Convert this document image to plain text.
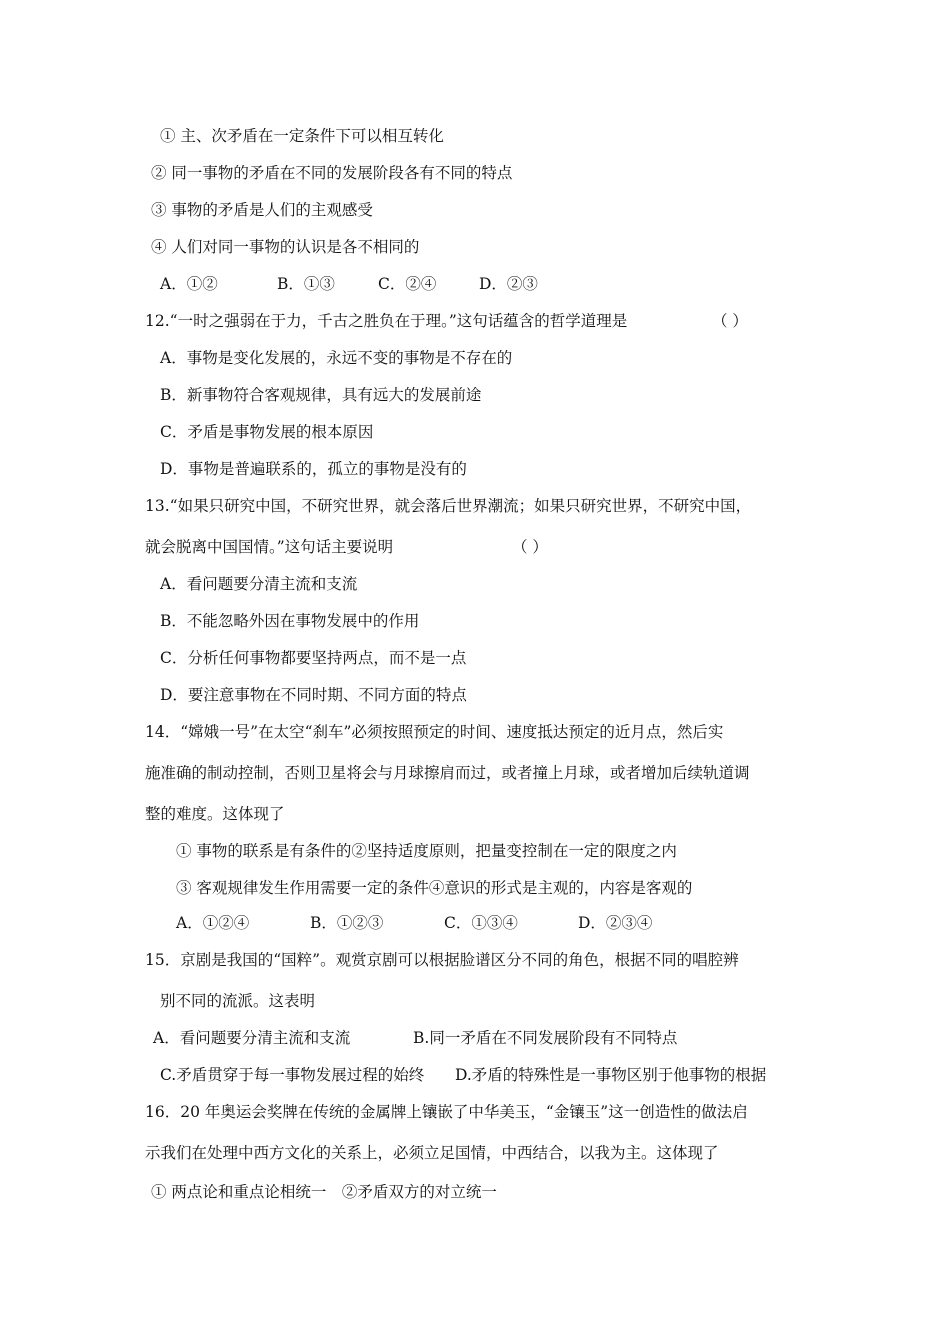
① 主、次矛盾在一定条件下可以相互转化
② 同一事物的矛盾在不同的发展阶段各有不同的特点
③ 事物的矛盾是人们的主观感受
④ 人们对同一事物的认识是各不相同的
A．①②	B．①③	C．②④	D．②③
12.“一时之强弱在于力，千古之胜负在于理。”这句话蕴含的哲学道理是	（ ）
A．事物是变化发展的，永远不变的事物是不存在的
B．新事物符合客观规律，具有远大的发展前途
C．矛盾是事物发展的根本原因
D．事物是普遍联系的，孤立的事物是没有的
13.“如果只研究中国，不研究世界，就会落后世界潮流；如果只研究世界，不研究中国，
就会脱离中国国情。”这句话主要说明	（ ）
A．看问题要分清主流和支流
B．不能忽略外因在事物发展中的作用
C．分析任何事物都要坚持两点，而不是一点
D．要注意事物在不同时期、不同方面的特点
14．“嫦娥一号”在太空“刹车”必须按照预定的时间、速度抵达预定的近月点，然后实
施准确的制动控制，否则卫星将会与月球擦肩而过，或者撞上月球，或者增加后续轨道调
整的难度。这体现了
① 事物的联系是有条件的②坚持适度原则，把量变控制在一定的限度之内
③ 客观规律发生作用需要一定的条件④意识的形式是主观的，内容是客观的
A．①②④	B．①②③	C．①③④	D．②③④
15．京剧是我国的“国粹”。观赏京剧可以根据脸谱区分不同的角色，根据不同的唱腔辨
别不同的流派。这表明
A．看问题要分清主流和支流	B.同一矛盾在不同发展阶段有不同特点
C.矛盾贯穿于每一事物发展过程的始终 D.矛盾的特殊性是一事物区别于他事物的根据
16．20 年奥运会奖牌在传统的金属牌上镶嵌了中华美玉，“金镶玉”这一创造性的做法启
示我们在处理中西方文化的关系上，必须立足国情，中西结合，以我为主。这体现了
① 两点论和重点论相统一　②矛盾双方的对立统一
